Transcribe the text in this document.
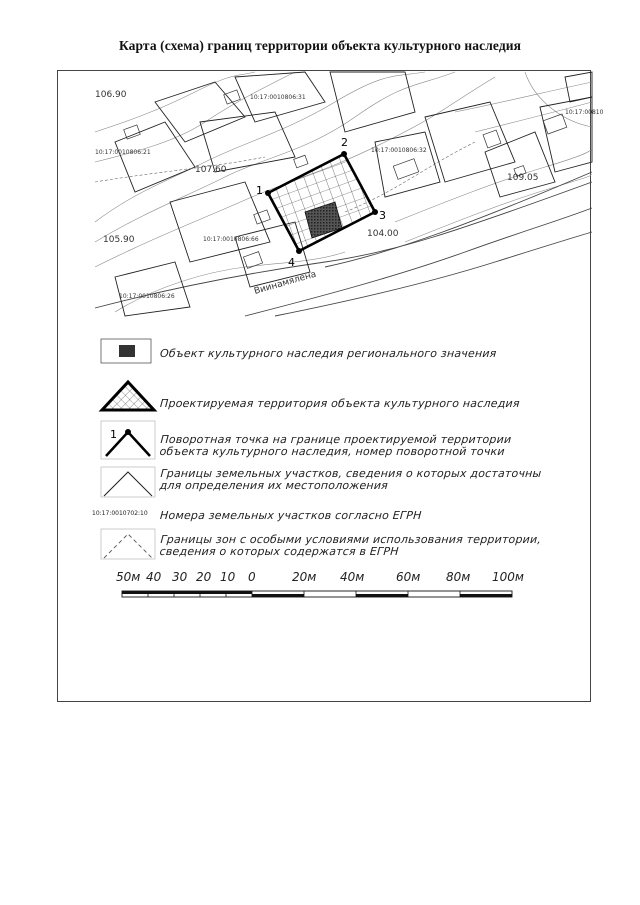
Карта (схема) границ территории объекта культурного наследия
1
2
3
4
10:17:0010806:31
10:17:0010806:21	10:17:0010806:32
10:17:0010806:66
10:17:0010806:26
10:17:00810
106.90
107.60
105.90
109.05
104.00
Виинамялена
Объект культурного наследия регионального значения
Проектируемая территория объекта культурного наследия
1	Поворотная точка на границе проектируемой территории объекта культурного наследия, номер поворотной точки
Границы земельных участков, сведения о которых достаточны для определения их местоположения
10:17:0010702:10 Номера земельных участков согласно ЕГРН
Границы зон с особыми условиями использования территории, сведения о которых содержатся в ЕГРН
50м 40 30 20 10 0	20м 40м	60м 80м 100м
